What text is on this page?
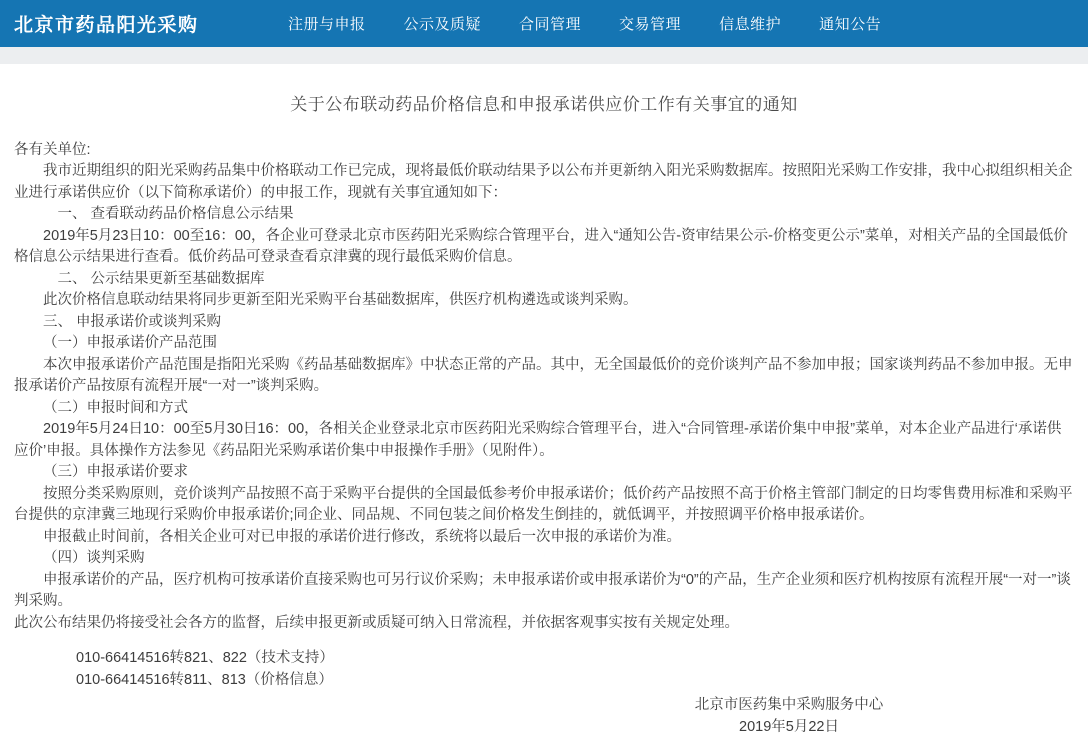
北京市药品阳光采购	注册与申报	公示及质疑	合同管理	交易管理	信息维护	通知公告
关于公布联动药品价格信息和申报承诺供应价工作有关事宜的通知

各有关单位:

我市近期组织的阳光采购药品集中价格联动工作已完成，现将最低价联动结果予以公布并更新纳入阳光采购数据库。按照阳光采购工作安排，我中心拟组织相关企业进行承诺供应价（以下简称承诺价）的申报工作，现就有关事宜通知如下：

一、 查看联动药品价格信息公示结果

2019年5月23日10：00至16：00，各企业可登录北京市医药阳光采购综合管理平台，进入“通知公告-资审结果公示-价格变更公示”菜单，对相关产品的全国最低价格信息公示结果进行查看。低价药品可登录查看京津冀的现行最低采购价信息。

二、 公示结果更新至基础数据库

此次价格信息联动结果将同步更新至阳光采购平台基础数据库，供医疗机构遴选或谈判采购。

三、 申报承诺价或谈判采购

（一）申报承诺价产品范围

本次申报承诺价产品范围是指阳光采购《药品基础数据库》中状态正常的产品。其中，无全国最低价的竞价谈判产品不参加申报；国家谈判药品不参加申报。无申报承诺价产品按原有流程开展“一对一”谈判采购。

（二）申报时间和方式

2019年5月24日10：00至5月30日16：00，各相关企业登录北京市医药阳光采购综合管理平台，进入“合同管理-承诺价集中申报”菜单，对本企业产品进行‘承诺供应价’申报。具体操作方法参见《药品阳光采购承诺价集中申报操作手册》（见附件）。

（三）申报承诺价要求

按照分类采购原则，竞价谈判产品按照不高于采购平台提供的全国最低参考价申报承诺价；低价药产品按照不高于价格主管部门制定的日均零售费用标准和采购平台提供的京津冀三地现行采购价申报承诺价;同企业、同品规、不同包装之间价格发生倒挂的，就低调平，并按照调平价格申报承诺价。

申报截止时间前，各相关企业可对已申报的承诺价进行修改，系统将以最后一次申报的承诺价为准。

（四）谈判采购

申报承诺价的产品，医疗机构可按承诺价直接采购也可另行议价采购；未申报承诺价或申报承诺价为“0”的产品，生产企业须和医疗机构按原有流程开展“一对一”谈判采购。

此次公布结果仍将接受社会各方的监督，后续申报更新或质疑可纳入日常流程，并依据客观事实按有关规定处理。

010-66414516转821、822（技术支持）

010-66414516转811、813（价格信息）

北京市医药集中采购服务中心

2019年5月22日
